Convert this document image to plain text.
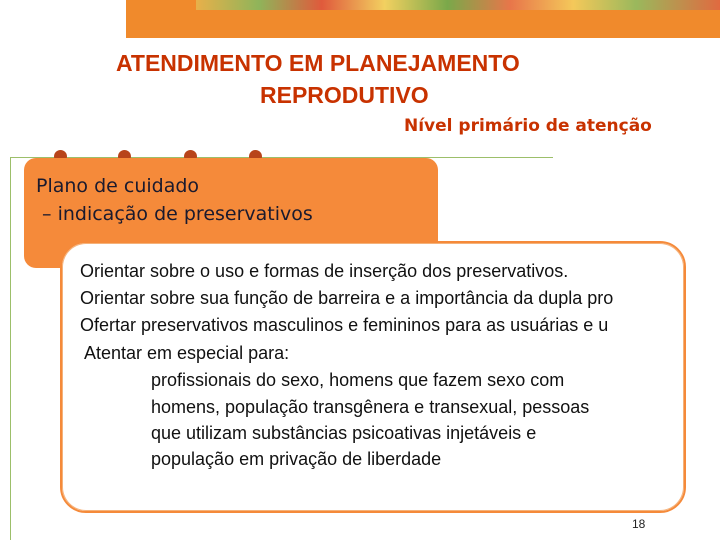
ATENDIMENTO EM PLANEJAMENTO
REPRODUTIVO
Nível primário de atenção
Plano de cuidado
– indicação de preservativos
Orientar sobre o uso e formas de inserção dos preservativos.
Orientar sobre sua função de barreira e a importância da dupla pro
Ofertar preservativos masculinos e femininos para as usuárias e u
Atentar em especial para:
profissionais do sexo, homens que fazem sexo com
homens, população transgênera e transexual, pessoas
que utilizam substâncias psicoativas injetáveis e
população em privação de liberdade
18
